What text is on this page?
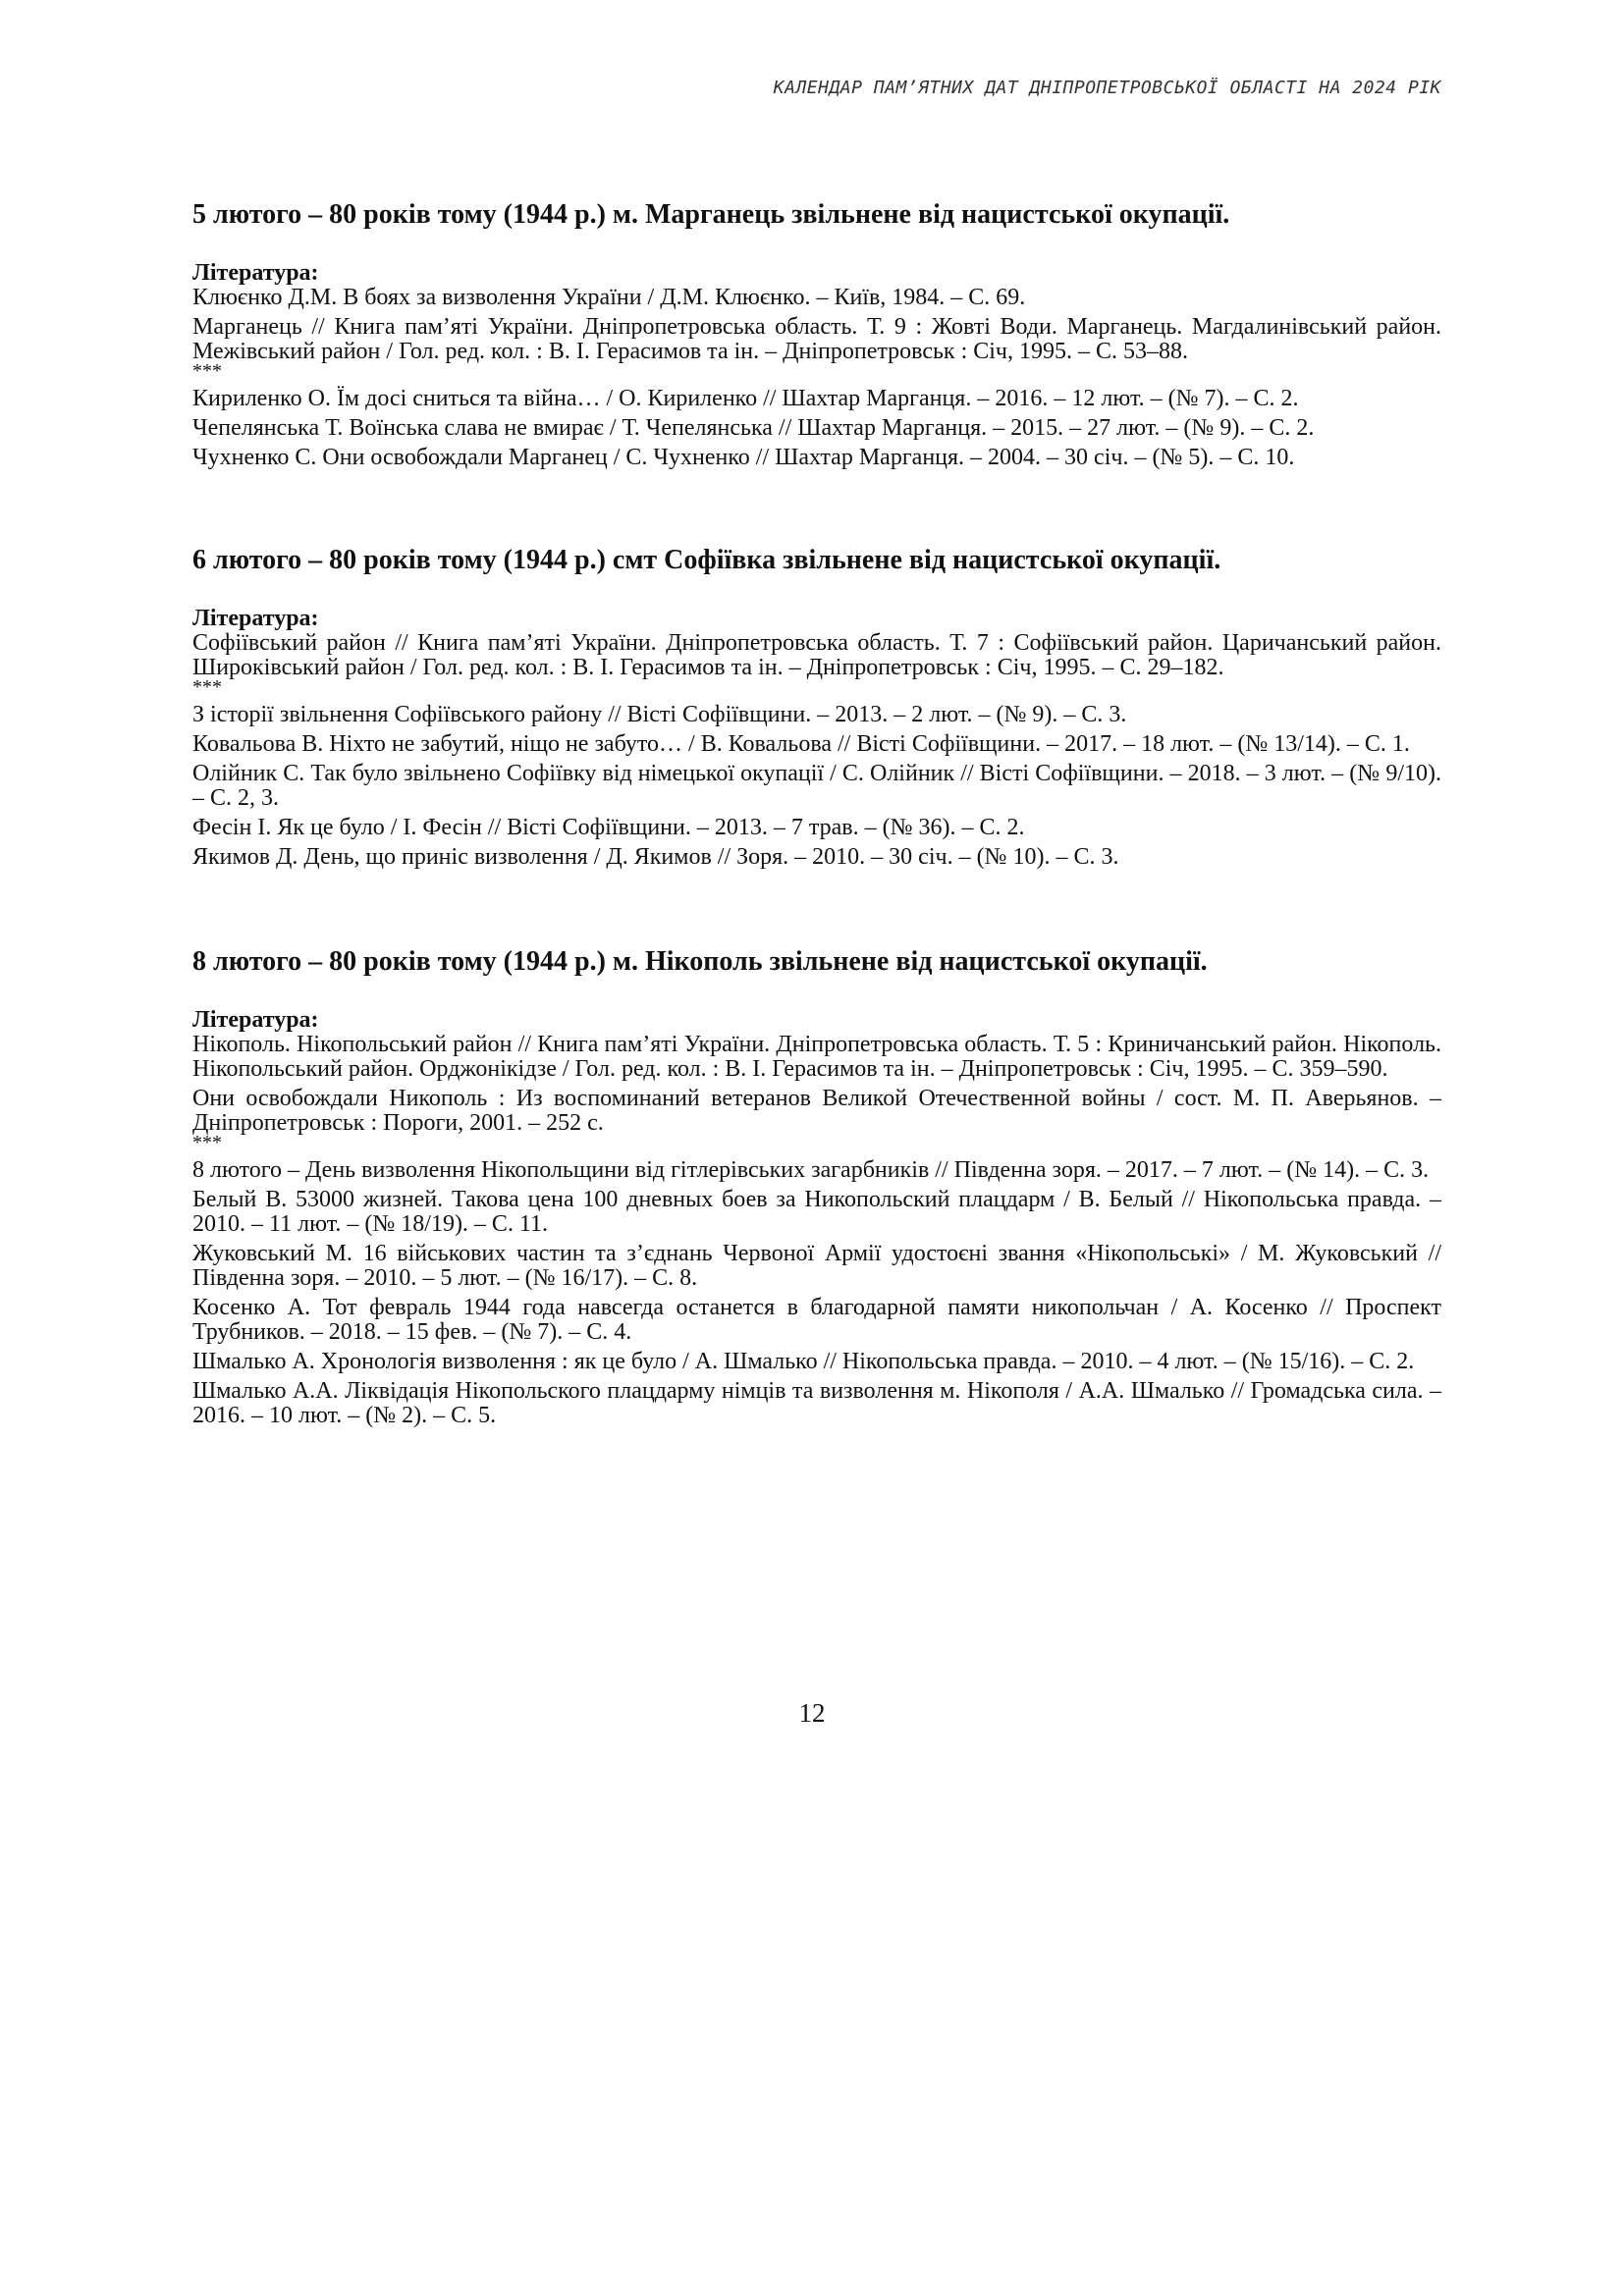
КАЛЕНДАР ПАМ’ЯТНИХ ДАТ ДНІПРОПЕТРОВСЬКОЇ ОБЛАСТІ НА 2024 РІК
5 лютого – 80 років тому (1944 р.) м. Марганець звільнене від нацистської окупації.

Література:

Клюєнко Д.М. В боях за визволення України / Д.М. Клюєнко. – Київ, 1984. – С. 69.

Марганець // Книга пам’яті України. Дніпропетровська область. Т. 9 : Жовті Води. Марганець. Магдалинівський район. Межівський район / Гол. ред. кол. : В. І. Герасимов та ін. – Дніпропетровськ : Січ, 1995. – С. 53–88.

***

Кириленко О. Їм досі сниться та війна… / О. Кириленко // Шахтар Марганця. – 2016. – 12 лют. – (№ 7). – С. 2.

Чепелянська Т. Воїнська слава не вмирає / Т. Чепелянська // Шахтар Марганця. – 2015. – 27 лют. – (№ 9). – С. 2.

Чухненко С. Они освобождали Марганец / С. Чухненко // Шахтар Марганця. – 2004. – 30 січ. – (№ 5). – С. 10.

6 лютого – 80 років тому (1944 р.) смт Софіївка звільнене від нацистської окупації.

Література:

Софіївський район // Книга пам’яті України. Дніпропетровська область. Т. 7 : Софіївський район. Царичанський район. Широківський район / Гол. ред. кол. : В. І. Герасимов та ін. – Дніпропетровськ : Січ, 1995. – С. 29–182.

***

З історії звільнення Софіївського району // Вісті Софіївщини. – 2013. – 2 лют. – (№ 9). – С. 3.

Ковальова В. Ніхто не забутий, ніщо не забуто… / В. Ковальова // Вісті Софіївщини. – 2017. – 18 лют. – (№ 13/14). – С. 1.

Олійник С. Так було звільнено Софіївку від німецької окупації / С. Олійник // Вісті Софіївщини. – 2018. – 3 лют. – (№ 9/10). – С. 2, 3.

Фесін І. Як це було / І. Фесін // Вісті Софіївщини. – 2013. – 7 трав. – (№ 36). – С. 2.

Якимов Д. День, що приніс визволення / Д. Якимов // Зоря. – 2010. – 30 січ. – (№ 10). – С. 3.

8 лютого – 80 років тому (1944 р.) м. Нікополь звільнене від нацистської окупації.

Література:

Нікополь. Нікопольський район // Книга пам’яті України. Дніпропетровська область. Т. 5 : Криничанський район. Нікополь. Нікопольський район. Орджонікідзе / Гол. ред. кол. : В. І. Герасимов та ін. – Дніпропетровськ : Січ, 1995. – С. 359–590.

Они освобождали Никополь : Из воспоминаний ветеранов Великой Отечественной войны / сост. М. П. Аверьянов. – Дніпропетровськ : Пороги, 2001. – 252 с.

***

8 лютого – День визволення Нікопольщини від гітлерівських загарбників // Південна зоря. – 2017. – 7 лют. – (№ 14). – С. 3.

Белый В. 53000 жизней. Такова цена 100 дневных боев за Никопольский плацдарм / В. Белый // Нікопольська правда. – 2010. – 11 лют. – (№ 18/19). – С. 11.

Жуковський М. 16 військових частин та з’єднань Червоної Армії удостоєні звання «Нікопольські» / М. Жуковський // Південна зоря. – 2010. – 5 лют. – (№ 16/17). – С. 8.

Косенко А. Тот февраль 1944 года навсегда останется в благодарной памяти никопольчан / А. Косенко // Проспект Трубников. – 2018. – 15 фев. – (№ 7). – С. 4.

Шмалько А. Хронологія визволення : як це було / А. Шмалько // Нікопольська правда. – 2010. – 4 лют. – (№ 15/16). – С. 2.

Шмалько А.А. Ліквідація Нікопольского плацдарму німців та визволення м. Нікополя / А.А. Шмалько // Громадська сила. – 2016. – 10 лют. – (№ 2). – С. 5.

12
